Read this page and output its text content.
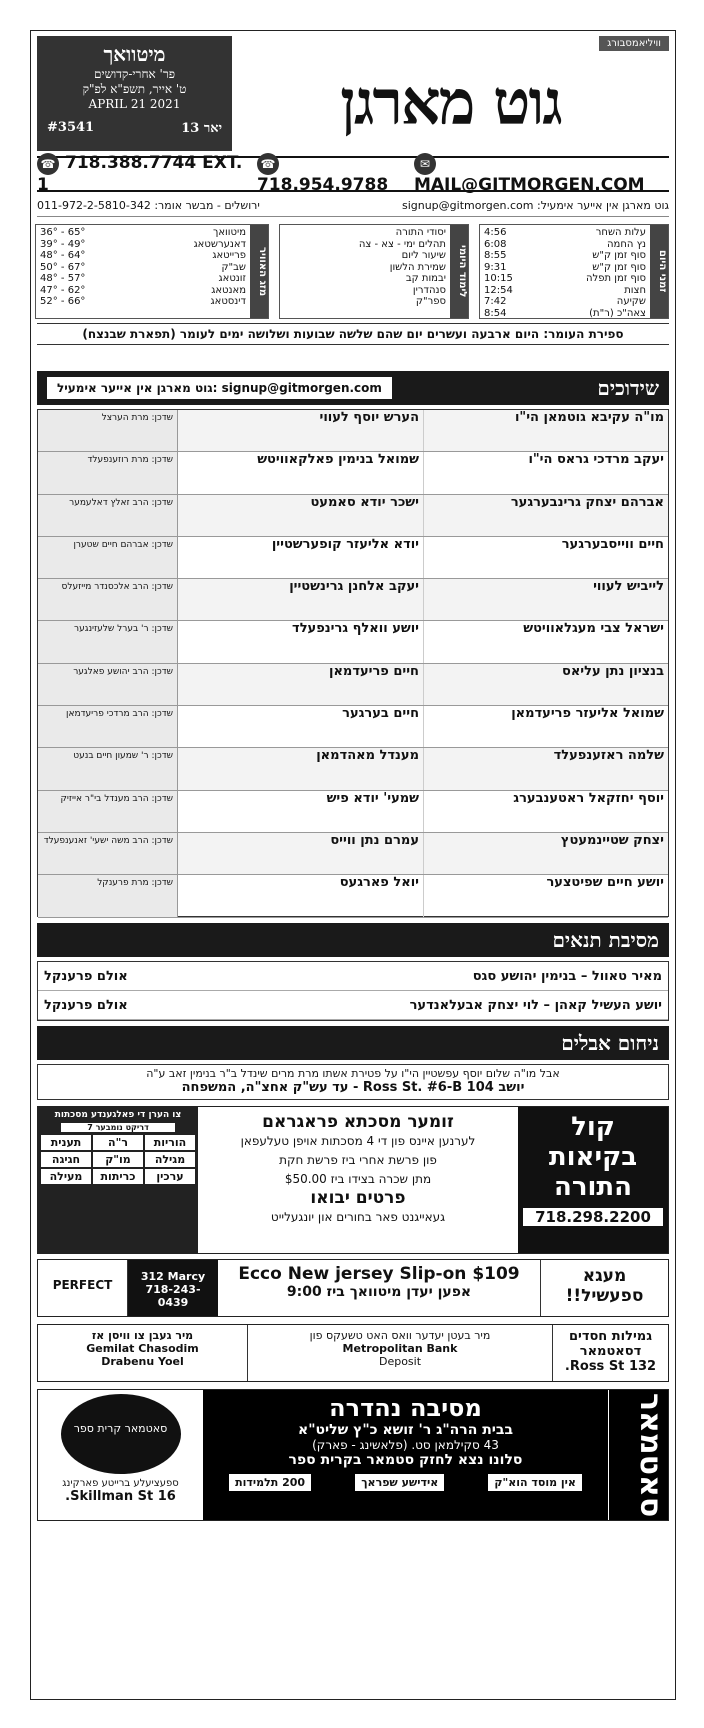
מיטוואך
פר' אחרי-קדושים
ט' אייר, תשפ"א לפ"ק
APRIL 21 2021
#3541	13 יאר
וויליאמסבורג
גוט מארגן
☎ 718.388.7744 EXT. 1
☎718.954.9788
✉MAIL@GITMORGEN.COM
גוט מארגן אין אייער אימעיל: signup@gitmorgen.com
ירושלים - מבשר אומר: 011-972-2-5810-342
זמני היום
עלות השחר
4:56
נץ החמה
6:08
סוף זמן ק"ש
8:55
סוף זמן ק"ש
9:31
סוף זמן תפלה
10:15
חצות
12:54
שקיעה
7:42
צאה"כ (ר"ת)
8:54
לימוד היומי
יסודי התורה
תהלים ימי - צא - צה
שיעור ליום
שמירת הלשון
יבמות קב
סנהדרין
ספר"ק
מזג האוויר
מיטוואך
65° - 36°
דאנערשטאג
49° - 39°
פרייטאג
64° - 48°
שב"ק
67° - 50°
זונטאג
57° - 48°
מאנטאג
62° - 47°
דינסטאג
66° - 52°
ספירת העומר: היום ארבעה ועשרים יום שהם שלשה שבועות ושלושה ימים לעומר (תפארת שבנצח)
שידוכים
signup@gitmorgen.com :גוט מארגן אין אייער אימעיל
מו"ה עקיבא גוטמאן הי"ו
הערש יוסף לעווי
שדכן: מרת הערצל
יעקב מרדכי גראס הי"ו
שמואל בנימין פאלקאוויטש
שדכן: מרת רוזענפעלד
אברהם יצחק גרינבערגער
ישכר יודא סאמעט
שדכן: הרב זאלץ דאלעמער
חיים ווייסבערגער
יודא אליעזר קופערשטיין
שדכן: אברהם חיים שטערן
לייביש לעווי
יעקב אלחנן גרינשטיין
שדכן: הרב אלכסנדר מייזעלס
ישראל צבי מעגלאוויטש
יושע וואלף גרינפעלד
שדכן: ר' בערל שלעזינגער
בנציון נתן עליאס
חיים פריעדמאן
שדכן: הרב יהושע פאלגער
שמואל אליעזר פריעדמאן
חיים בערגער
שדכן: הרב מרדכי פריעדמאן
שלמה ראזענפעלד
מענדל מאהדמאן
שדכן: ר' שמעון חיים בנעט
יוסף יחזקאל ראטענבערג
שמעי' יודא פיש
שדכן: הרב מענדל בי"ר אייזיק
יצחק שטיינמעטץ
עמרם נתן ווייס
שדכן: הרב משה ישעי' זאנענפעלד
יושע חיים שפיטצער
יואל פארגעס
שדכן: מרת פרענקל
מסיבת תנאים
מאיר טאוול – בנימין יהושע סגס
אולם פרענקל
יושע העשיל קאהן – לוי יצחק אבעלאנדער
אולם פרענקל
ניחום אבלים
אבל מו"ה שלום יוסף עפשטיין הי"ו על פטירת אשתו מרת מרים שינדל ב"ר בנימין זאב ע"ה
יושב 104 Ross St. #6-B - עד עש"ק אחצ"ה, המשפחה
צו הערן די פאלגענדע מסכתות
דריקט נומבער 7
הוריות
ר"ה
תענית
מגילה
מו"ק
חגיגה
ערכין
כריתות
מעילה
זומער מסכתא פראגראם
לערנען איינס פון די 4 מסכתות אויפן טעלעפאן
פון פרשת אחרי ביז פרשת חקת
מתן שכרה בצידו ביז $50.00
פרטים יבואו
געאייגנט פאר בחורים און יונגעלייט
קול
בקיאות
התורה
718.298.2200
PERFECT
312 Marcy
718-243-0439
Ecco New jersey Slip-on $109
אפען יעדן מיטוואך ביז 9:00
מעגא ספעשיל!!
מיר געבן צו וויסן אז
Gemilat Chasodim
Drabenu Yoel
מיר בעטן יעדער וואס האט טשעקס פון
Metropolitan Bank
Deposit
גמילות חסדים
דסאטמאר
132 Ross St.
סאטמאר קרית ספר
ספעציעלע ברייטע פארקינג
16 Skillman St.
מסיבה נהדרה
בבית הרה"ג ר' זושא כ"ץ שליט"א
43 סקילמאן סט. (פלאשינג - פארק)
סלונו נצא לחזק סטמאר בקרית ספר
אין מוסד הוא"ק
אידישע שפראך
200 תלמידות	סאטמאר
